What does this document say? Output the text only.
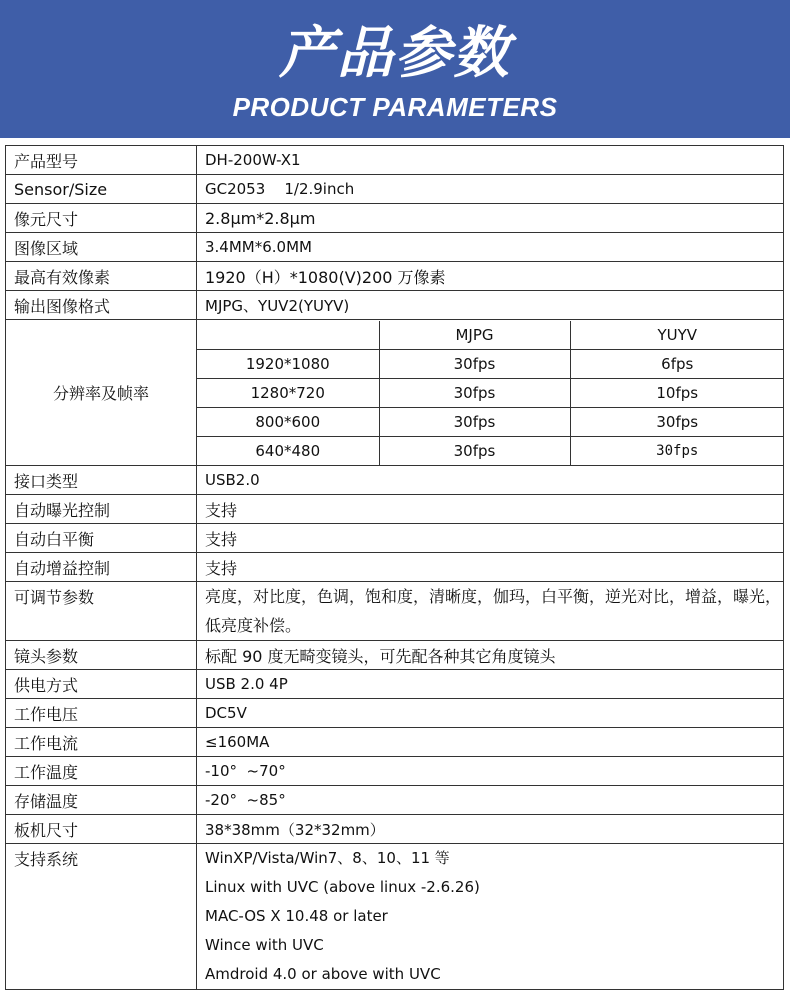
产品参数
PRODUCT PARAMETERS
产品型号	DH-200W-X1
Sensor/Size	GC2053    1/2.9inch
像元尺寸	2.8μm*2.8μm
图像区域	3.4MM*6.0MM
最高有效像素	1920（H）*1080(V)200 万像素
输出图像格式	MJPG、YUV2(YUYV)
分辨率及帧率	
	MJPG	YUYV
1920*1080	30fps	6fps
1280*720	30fps	10fps
800*600	30fps	30fps
640*480	30fps	30fps

接口类型	USB2.0
自动曝光控制	支持
自动白平衡	支持
自动增益控制	支持
可调节参数	亮度，对比度，色调，饱和度，清晰度，伽玛，白平衡，逆光对比，增益，曝光，低亮度补偿。
镜头参数	标配 90 度无畸变镜头，可先配各种其它角度镜头
供电方式	USB 2.0 4P
工作电压	DC5V
工作电流	≤160MA
工作温度	-10°  ~70°
存储温度	-20°  ~85°
板机尺寸	38*38mm（32*32mm）
支持系统	WinXP/Vista/Win7、8、10、11 等
Linux with UVC (above linux -2.6.26)
MAC-OS X 10.48 or later
Wince with UVC
Amdroid 4.0 or above with UVC
